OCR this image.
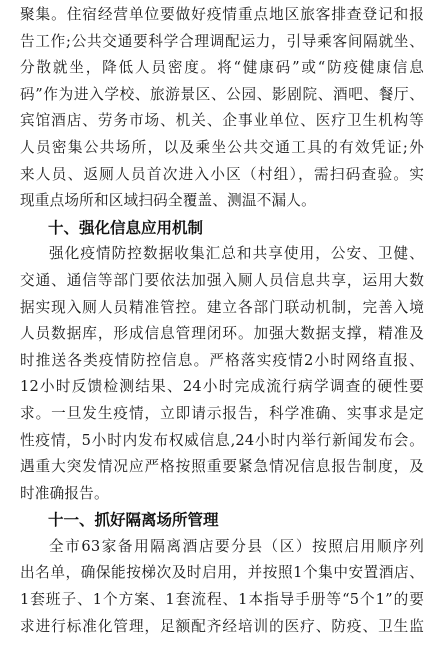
聚集。住宿经营单位要做好疫情重点地区旅客排查登记和报
告工作;公共交通要科学合理调配运力，引导乘客间隔就坐、
分散就坐，降低人员密度。将“健康码”或“防疫健康信息
码”作为进入学校、旅游景区、公园、影剧院、酒吧、餐厅、
宾馆酒店、劳务市场、机关、企事业单位、医疗卫生机构等
人员密集公共场所，以及乘坐公共交通工具的有效凭证;外
来人员、返厕人员首次进入小区（村组），需扫码查验。实
现重点场所和区域扫码全覆盖、测温不漏人。
十、强化信息应用机制
强化疫情防控数据收集汇总和共享使用，公安、卫健、
交通、通信等部门要依法加强入厕人员信息共享，运用大数
据实现入厕人员精准管控。建立各部门联动机制，完善入境
人员数据库，形成信息管理闭环。加强大数据支撑，精准及
时推送各类疫情防控信息。严格落实疫情2小时网络直报、
12小时反馈检测结果、24小时完成流行病学调查的硬性要
求。一旦发生疫情，立即请示报告，科学准确、实事求是定
性疫情，5小时内发布权威信息,24小时内举行新闻发布会。
遇重大突发情况应严格按照重要紧急情况信息报告制度，及
时准确报告。
十一、抓好隔离场所管理
全市63家备用隔离酒店要分县（区）按照启用顺序列
出名单，确保能按梯次及时启用，并按照1个集中安置酒店、
1套班子、1个方案、1套流程、1本指导手册等“5个1”的要
求进行标准化管理，足额配齐经培训的医疗、防疫、卫生监
